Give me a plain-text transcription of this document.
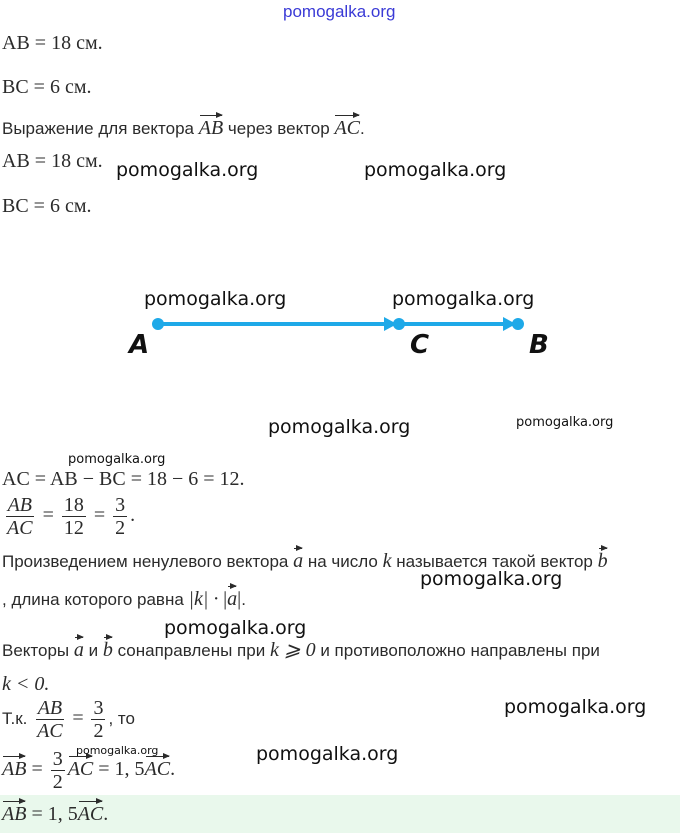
pomogalka.org
AB = 18 см.
BC = 6 см.
Выражение для вектора AB через вектор AC.
AB = 18 см.
BC = 6 см.
A	C	B
AC = AB − BC = 18 − 6 = 12.
$\frac{AB}{AC} = \frac{18}{12} = \frac{3}{2}$ .
Произведением ненулевого вектора a на число k называется такой вектор b
, длина которого равна |k| · |a|.
Векторы a и b сонаправлены при k ⩾ 0 и противоположно направлены при
k < 0.
Т.к. $\frac{AB}{AC} = \frac{3}{2}$ , то
AB = $\frac{3}{2}$ AC = 1, 5AC.
AB = 1, 5AC.
pomogalka.org	pomogalka.org
pomogalka.org	pomogalka.org
pomogalka.org	pomogalka.org
pomogalka.org
pomogalka.org
pomogalka.org
pomogalka.org
pomogalka.org	pomogalka.org
